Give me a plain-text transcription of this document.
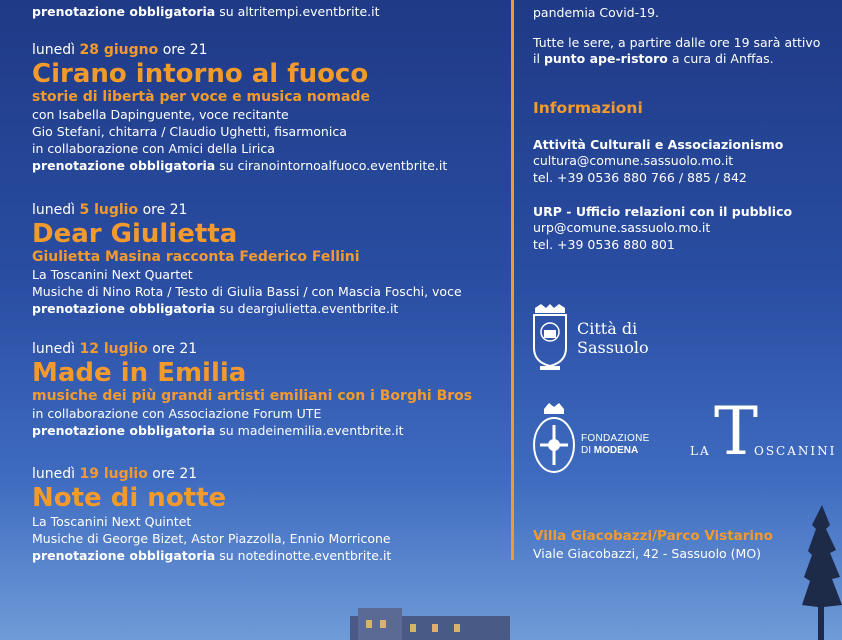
prenotazione obbligatoria su altritempi.eventbrite.it
lunedì 28 giugno ore 21
Cirano intorno al fuoco
storie di libertà per voce e musica nomade
con Isabella Dapinguente, voce recitante
Gio Stefani, chitarra / Claudio Ughetti, fisarmonica
in collaborazione con Amici della Lirica
prenotazione obbligatoria su ciranointornoalfuoco.eventbrite.it
lunedì 5 luglio ore 21
Dear Giulietta
Giulietta Masina racconta Federico Fellini
La Toscanini Next Quartet
Musiche di Nino Rota / Testo di Giulia Bassi / con Mascia Foschi, voce
prenotazione obbligatoria su deargiulietta.eventbrite.it
lunedì 12 luglio ore 21
Made in Emilia
musiche dei più grandi artisti emiliani con i Borghi Bros
in collaborazione con Associazione Forum UTE
prenotazione obbligatoria su madeinemilia.eventbrite.it
lunedì 19 luglio ore 21
Note di notte
La Toscanini Next Quintet
Musiche di George Bizet, Astor Piazzolla, Ennio Morricone
prenotazione obbligatoria su notedinotte.eventbrite.it
pandemia Covid-19.
Tutte le sere, a partire dalle ore 19 sarà attivo
il punto ape-ristoro a cura di Anffas.
Informazioni
Attività Culturali e Associazionismo
cultura@comune.sassuolo.mo.it
tel. +39 0536 880 766 / 885 / 842
URP - Ufficio relazioni con il pubblico
urp@comune.sassuolo.mo.it
tel. +39 0536 880 801
Villa Giacobazzi/Parco Vistarino
Viale Giacobazzi, 42 - Sassuolo (MO)
Città di
Sassuolo
FONDAZIONE
DI MODENA	LA T
OSCANINI
